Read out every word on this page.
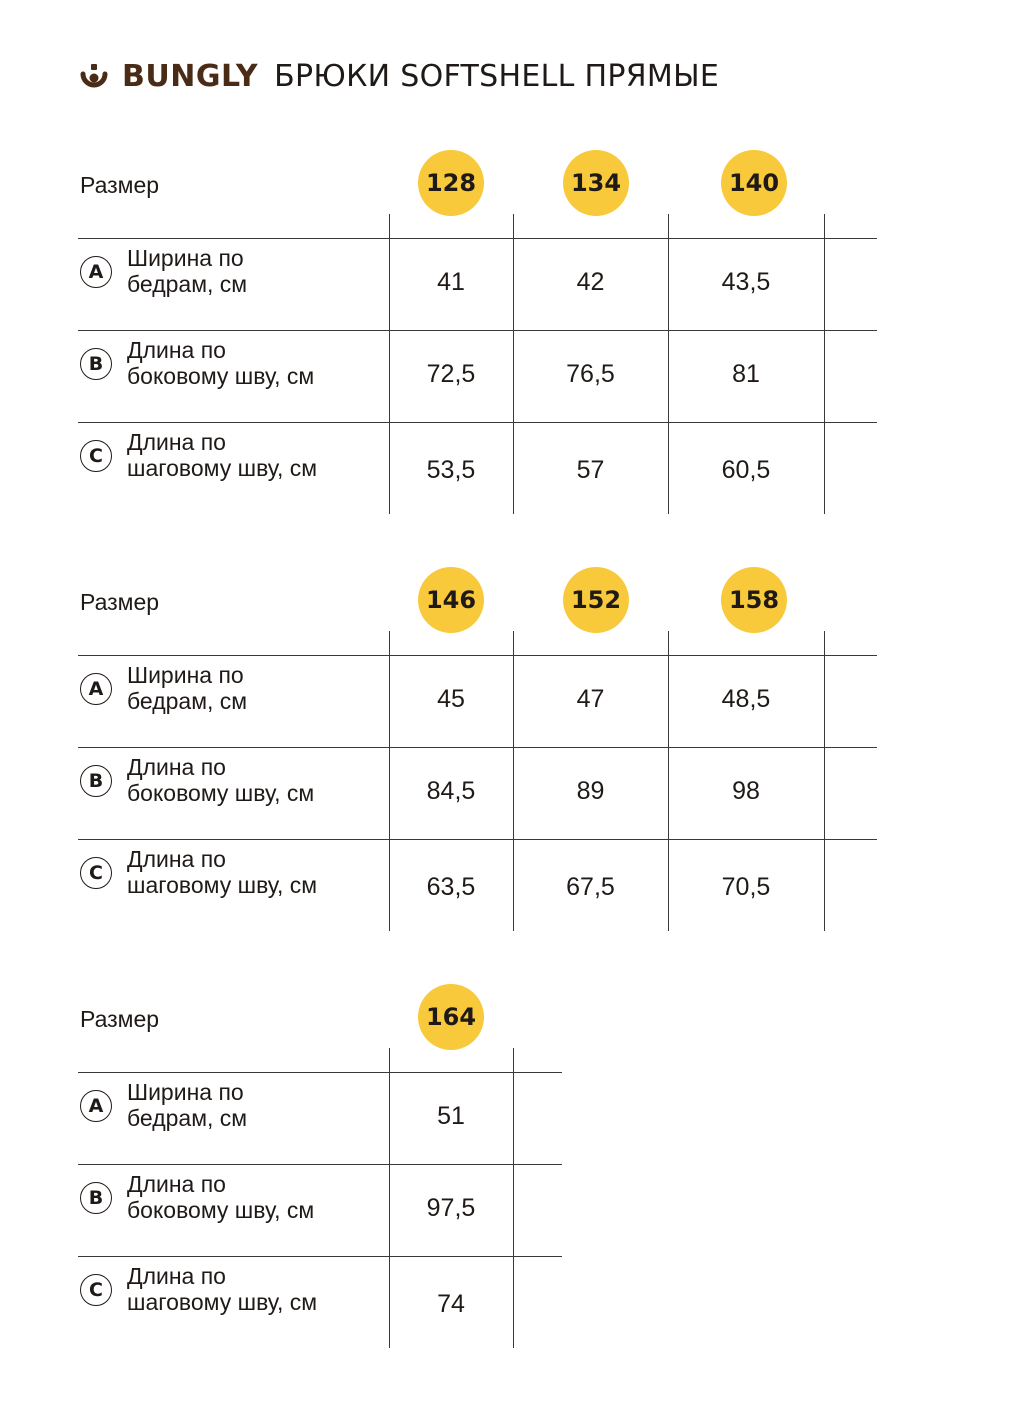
BUNGLY БРЮКИ SOFTSHELL ПРЯМЫЕ
Размер	128	134	140
A
Ширина по
бедрам, см	41	42	43,5
B
Длина по
боковому шву, см	72,5	76,5	81
C
Длина по
шаговому шву, см	53,5	57	60,5
Размер	146	152	158
A
Ширина по
бедрам, см	45	47	48,5
B
Длина по
боковому шву, см	84,5	89	98
C
Длина по
шаговому шву, см	63,5	67,5	70,5
Размер	164
A
Ширина по
бедрам, см	51
B
Длина по
боковому шву, см	97,5
C
Длина по
шаговому шву, см	74
